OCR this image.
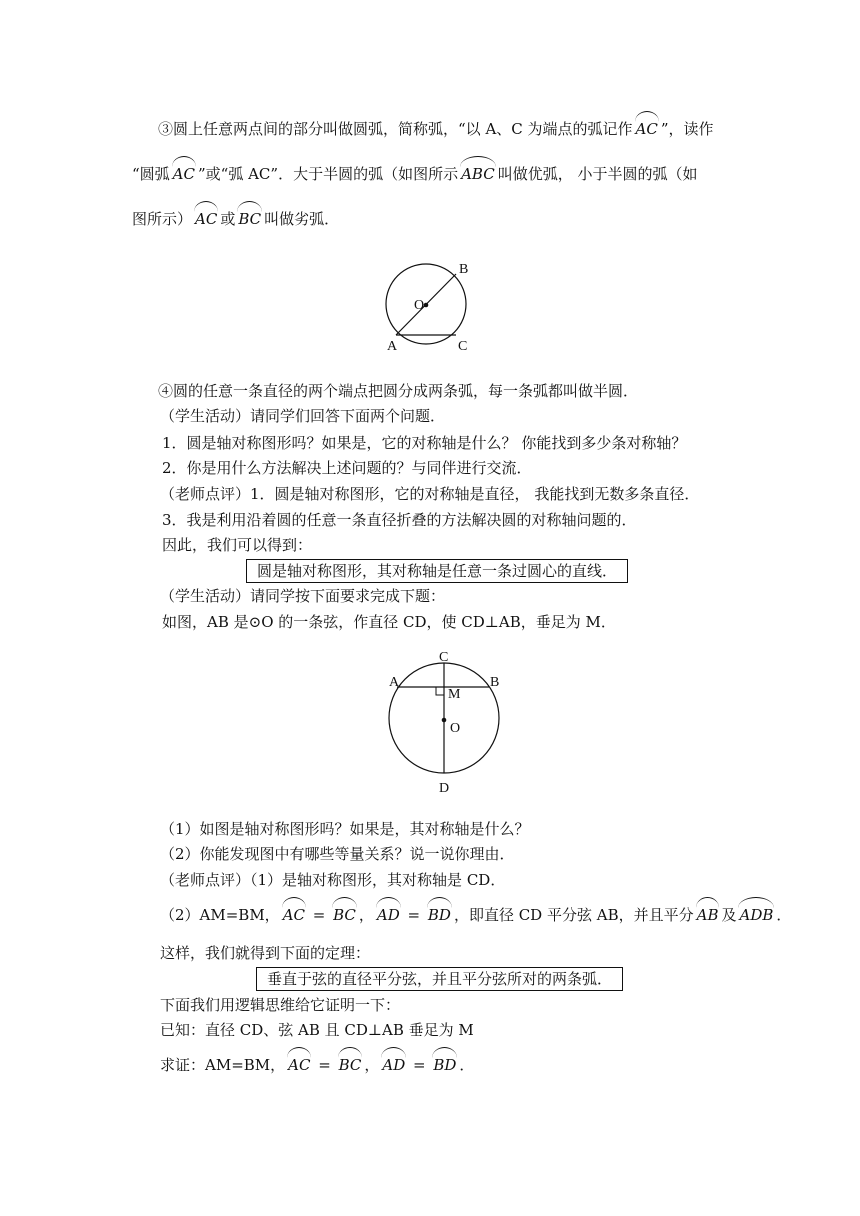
③圆上任意两点间的部分叫做圆弧，简称弧，“以 A、C 为端点的弧记作 AC ”，读作
“圆弧 AC ”或“弧 AC”．大于半圆的弧（如图所示 ABC 叫做优弧， 小于半圆的弧（如
图所示） AC 或 BC 叫做劣弧．
B
O
A	C
④圆的任意一条直径的两个端点把圆分成两条弧，每一条弧都叫做半圆．
（学生活动）请同学们回答下面两个问题．
1．圆是轴对称图形吗？如果是，它的对称轴是什么？ 你能找到多少条对称轴？
2．你是用什么方法解决上述问题的？与同伴进行交流．
（老师点评）1．圆是轴对称图形，它的对称轴是直径， 我能找到无数多条直径．
3．我是利用沿着圆的任意一条直径折叠的方法解决圆的对称轴问题的．
因此，我们可以得到：
圆是轴对称图形，其对称轴是任意一条过圆心的直线．
（学生活动）请同学按下面要求完成下题：
如图，AB 是⊙O 的一条弦，作直径 CD，使 CD⊥AB，垂足为 M．
C
A	B
M
O
D
（1）如图是轴对称图形吗？如果是，其对称轴是什么？
（2）你能发现图中有哪些等量关系？说一说你理由．
（老师点评）（1）是轴对称图形，其对称轴是 CD．
（2）AM=BM， AC = BC ， AD = BD ，即直径 CD 平分弦 AB，并且平分 AB 及 ADB ．
这样，我们就得到下面的定理：
垂直于弦的直径平分弦，并且平分弦所对的两条弧．
下面我们用逻辑思维给它证明一下：
已知：直径 CD、弦 AB 且 CD⊥AB 垂足为 M
求证：AM=BM， AC = BC ， AD = BD ．
